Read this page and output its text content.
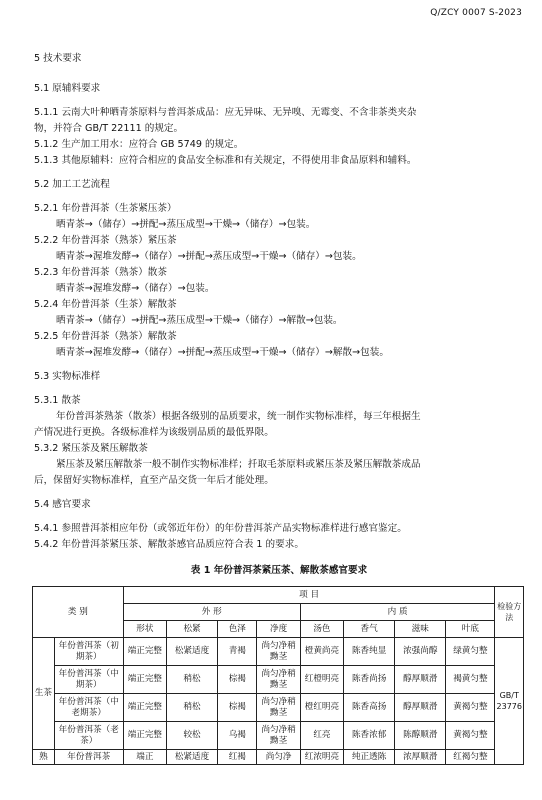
Q/ZCY 0007 S-2023
5 技术要求
5.1 原辅料要求
5.1.1 云南大叶种晒青茶原料与普洱茶成品：应无异味、无异嗅、无霉变、不含非茶类夹杂
物，并符合 GB/T 22111 的规定。
5.1.2 生产加工用水：应符合 GB 5749 的规定。
5.1.3 其他原辅料：应符合相应的食品安全标准和有关规定，不得使用非食品原料和辅料。
5.2 加工工艺流程
5.2.1 年份普洱茶（生茶紧压茶）
晒青茶→（储存）→拼配→蒸压成型→干燥→（储存）→包装。
5.2.2 年份普洱茶（熟茶）紧压茶
晒青茶→渥堆发酵→（储存）→拼配→蒸压成型→干燥→（储存）→包装。
5.2.3 年份普洱茶（熟茶）散茶
晒青茶→渥堆发酵→（储存）→包装。
5.2.4 年份普洱茶（生茶）解散茶
晒青茶→（储存）→拼配→蒸压成型→干燥→（储存）→解散→包装。
5.2.5 年份普洱茶（熟茶）解散茶
晒青茶→渥堆发酵→（储存）→拼配→蒸压成型→干燥→（储存）→解散→包装。
5.3 实物标准样
5.3.1 散茶
年份普洱茶熟茶（散茶）根据各级别的品质要求，统一制作实物标准样，每三年根据生
产情况进行更换。各级标准样为该级别品质的最低界限。
5.3.2 紧压茶及紧压解散茶
紧压茶及紧压解散茶一般不制作实物标准样；扦取毛茶原料或紧压茶及紧压解散茶成品
后，保留好实物标准样，直至产品交货一年后才能处理。
5.4 感官要求
5.4.1 参照普洱茶相应年份（或邻近年份）的年份普洱茶产品实物标准样进行感官鉴定。
5.4.2 年份普洱茶紧压茶、解散茶感官品质应符合表 1 的要求。
表 1 年份普洱茶紧压茶、解散茶感官要求
类 别		项 目								检验方法
		外 形				内 质				
		形状	松紧	色泽	净度	汤色	香气	滋味	叶底	
生茶	年份普洱茶（初期茶）	端正完整	松紧适度	青褐	尚匀净稍黝茎	橙黄尚亮	陈香纯显	浓强尚醇	绿黄匀整	GB/T 23776
	年份普洱茶（中期茶）	端正完整	稍松	棕褐	尚匀净稍黝茎	红橙明亮	陈香尚扬	醇厚顺滑	褐黄匀整	
	年份普洱茶（中老期茶）	端正完整	稍松	棕褐	尚匀净稍黝茎	橙红明亮	陈香高扬	醇厚顺滑	黄褐匀整	
	年份普洱茶（老茶）	端正完整	较松	乌褐	尚匀净稍黝茎	红亮	陈香浓郁	陈醇顺滑	黄褐匀整	
熟	年份普洱茶	端正	松紧适度	红褐	尚匀净	红浓明亮	纯正透陈	浓厚顺滑	红褐匀整	
